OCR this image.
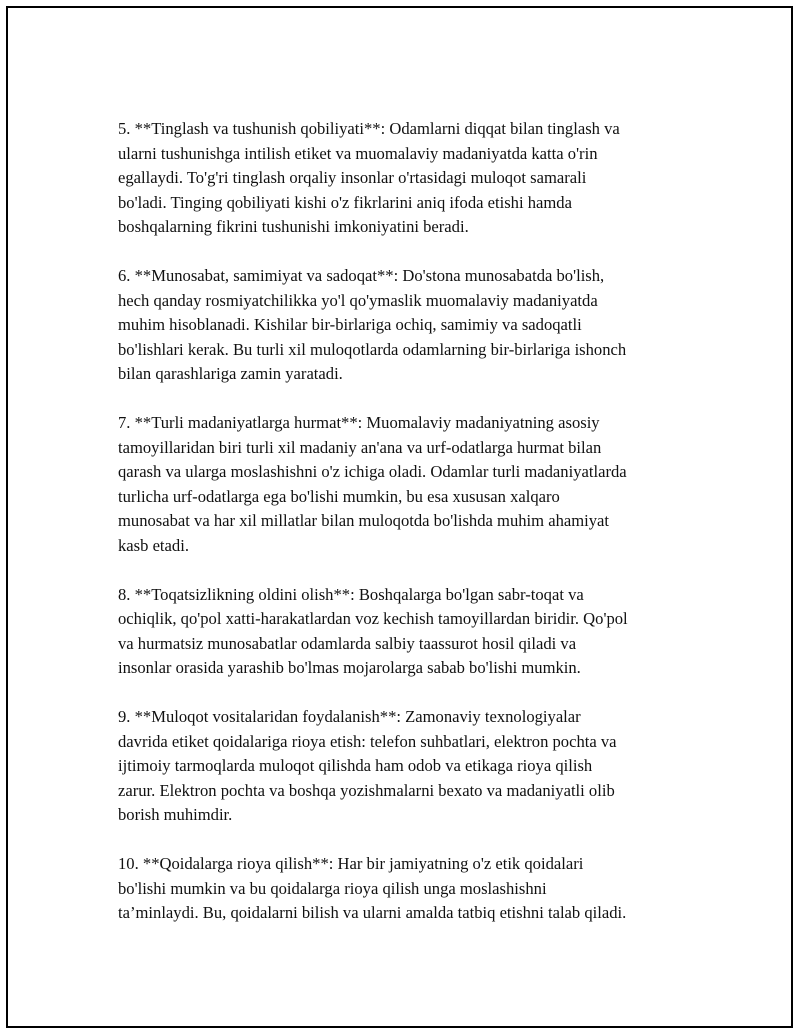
5. **Tinglash va tushunish qobiliyati**: Odamlarni diqqat bilan tinglash va
ularni tushunishga intilish etiket va muomalaviy madaniyatda katta o'rin
egallaydi. To'g'ri tinglash orqaliy insonlar o'rtasidagi muloqot samarali
bo'ladi. Tinging qobiliyati kishi o'z fikrlarini aniq ifoda etishi hamda
boshqalarning fikrini tushunishi imkoniyatini beradi.

6. **Munosabat, samimiyat va sadoqat**: Do'stona munosabatda bo'lish,
hech qanday rosmiyatchilikka yo'l qo'ymaslik muomalaviy madaniyatda
muhim hisoblanadi. Kishilar bir-birlariga ochiq, samimiy va sadoqatli
bo'lishlari kerak. Bu turli xil muloqotlarda odamlarning bir-birlariga ishonch
bilan qarashlariga zamin yaratadi.

7. **Turli madaniyatlarga hurmat**: Muomalaviy madaniyatning asosiy
tamoyillaridan biri turli xil madaniy an'ana va urf-odatlarga hurmat bilan
qarash va ularga moslashishni o'z ichiga oladi. Odamlar turli madaniyatlarda
turlicha urf-odatlarga ega bo'lishi mumkin, bu esa xususan xalqaro
munosabat va har xil millatlar bilan muloqotda bo'lishda muhim ahamiyat
kasb etadi.

8. **Toqatsizlikning oldini olish**: Boshqalarga bo'lgan sabr-toqat va
ochiqlik, qo'pol xatti-harakatlardan voz kechish tamoyillardan biridir. Qo'pol
va hurmatsiz munosabatlar odamlarda salbiy taassurot hosil qiladi va
insonlar orasida yarashib bo'lmas mojarolarga sabab bo'lishi mumkin.

9. **Muloqot vositalaridan foydalanish**: Zamonaviy texnologiyalar
davrida etiket qoidalariga rioya etish: telefon suhbatlari, elektron pochta va
ijtimoiy tarmoqlarda muloqot qilishda ham odob va etikaga rioya qilish
zarur. Elektron pochta va boshqa yozishmalarni bexato va madaniyatli olib
borish muhimdir.

10. **Qoidalarga rioya qilish**: Har bir jamiyatning o'z etik qoidalari
bo'lishi mumkin va bu qoidalarga rioya qilish unga moslashishni
ta’minlaydi. Bu, qoidalarni bilish va ularni amalda tatbiq etishni talab qiladi.
